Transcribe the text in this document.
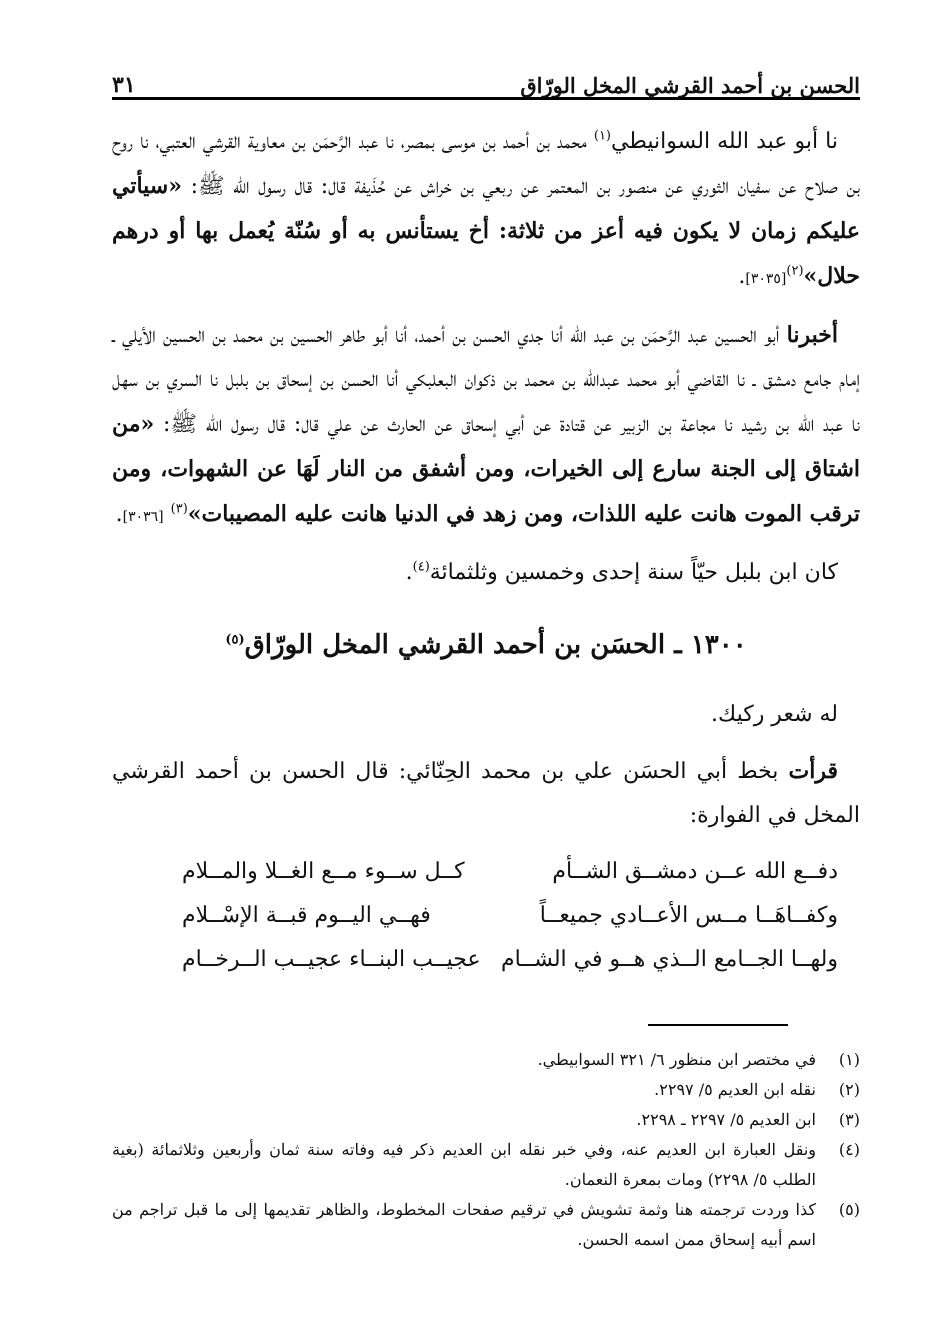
الحسن بن أحمد القرشي المخل الورّاق
٣١

نا أبو عبد الله السوانيطي$^{(١)}$ محمد بن أحمد بن موسى بمصر، نا عبد الرَّحمَن بن معاوية القرشي العتبي، نا روح بن صلاح عن سفيان الثوري عن منصور بن المعتمر عن ربعي بن خراش عن حُذَيفة قال: قال رسول اللّه ﷺ: «سيأتي عليكم زمان لا يكون فيه أعز من ثلاثة: أخ يستأنس به أو سُنّة يُعمل بها أو درهم حلال»$^{(٢)}$[٣٠٣٥].

أخبرنا أبو الحسين عبد الرَّحمَن بن عبد اللّه أنا جدي الحسن بن أحمد، أنا أبو طاهر الحسين بن محمد بن الحسين الأيلي ـ إمام جامع دمشق ـ نا القاضي أبو محمد عبدالله بن محمد بن ذكوان البعلبكي أنا الحسن بن إسحاق بن بلبل نا السري بن سهل نا عبد الله بن رشيد نا مجاعة بن الزبير عن قتادة عن أبي إسحاق عن الحارث عن علي قال: قال رسول الله ﷺ: «من اشتاق إلى الجنة سارع إلى الخيرات، ومن أشفق من النار لَهَا عن الشهوات، ومن ترقب الموت هانت عليه اللذات، ومن زهد في الدنيا هانت عليه المصيبات»$^{(٣)}$ [٣٠٣٦].

كان ابن بلبل حيّاً سنة إحدى وخمسين وثلثمائة$^{(٤)}$.

١٣٠٠ ـ الحسَن بن أحمد القرشي المخل الورّاق$^{(٥)}$

له شعر ركيك.

قرأت بخط أبي الحسَن علي بن محمد الحِنّائي: قال الحسن بن أحمد القرشي المخل في الفوارة:

دفــع الله عــن دمشــق الشــأم
كــل ســوء مــع الغــلا والمــلام
وكفــاهَــا مــس الأعــادي جميعــاً
فهــي اليــوم قبــة الإسْــلام
ولهــا الجــامع الــذي هــو في الشــام
عجيــب البنــاء عجيــب الــرخــام
(١)
في مختصر ابن منظور ٦/ ٣٢١ السوابيطي.
(٢)
نقله ابن العديم ٥/ ٢٢٩٧.
(٣)
ابن العديم ٥/ ٢٢٩٧ ـ ٢٢٩٨.
(٤)
ونقل العبارة ابن العديم عنه، وفي خبر نقله ابن العديم ذكر فيه وفاته سنة ثمان وأربعين وثلاثمائة (بغية الطلب ٥/ ٢٢٩٨) ومات بمعرة النعمان.
(٥)
كذا وردت ترجمته هنا وثمة تشويش في ترقيم صفحات المخطوط، والظاهر تقديمها إلى ما قبل تراجم من اسم أبيه إسحاق ممن اسمه الحسن.
